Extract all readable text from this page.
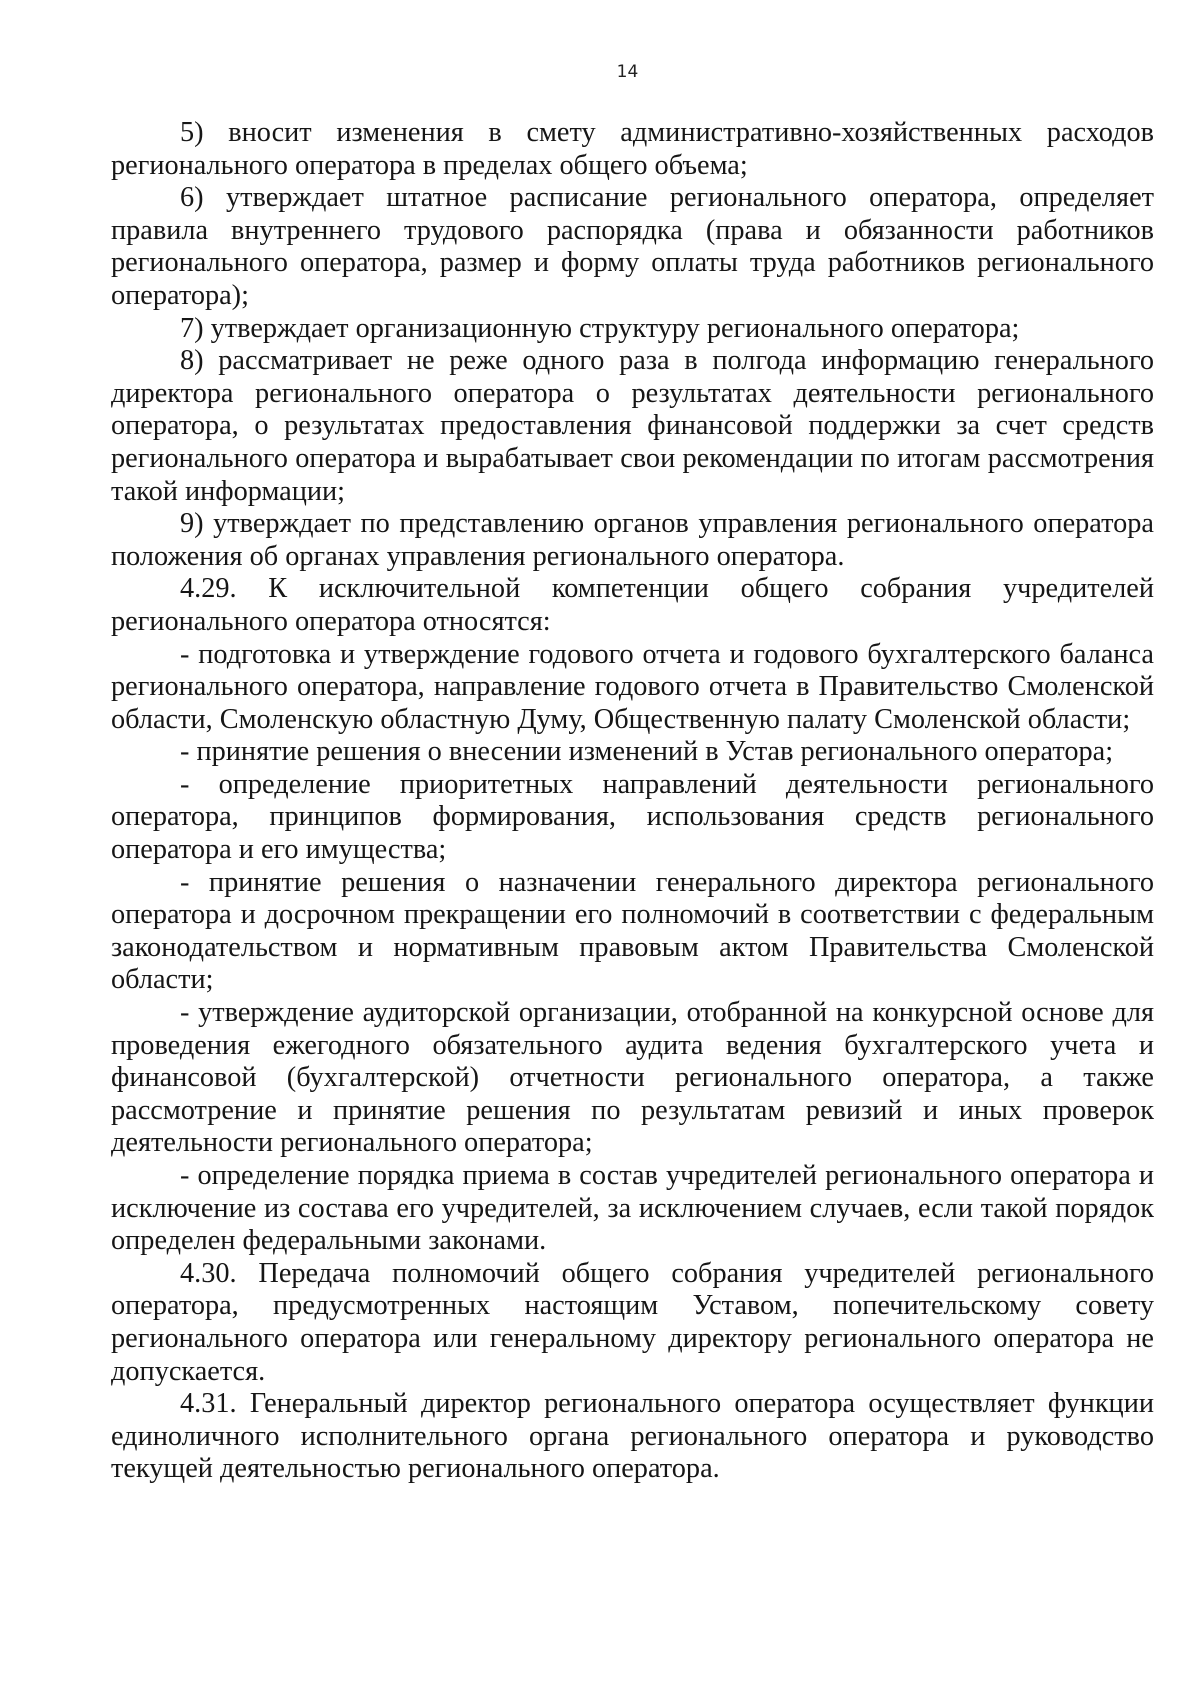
14

5) вносит изменения в смету административно-хозяйственных расходов регионального оператора в пределах общего объема;

6) утверждает штатное расписание регионального оператора, определяет правила внутреннего трудового распорядка (права и обязанности работников регионального оператора, размер и форму оплаты труда работников регионального оператора);

7) утверждает организационную структуру регионального оператора;

8) рассматривает не реже одного раза в полгода информацию генерального директора регионального оператора о результатах деятельности регионального оператора, о результатах предоставления финансовой поддержки за счет средств регионального оператора и вырабатывает свои рекомендации по итогам рассмотрения такой информации;

9) утверждает по представлению органов управления регионального оператора положения об органах управления регионального оператора.

4.29. К исключительной компетенции общего собрания учредителей регионального оператора относятся:

- подготовка и утверждение годового отчета и годового бухгалтерского баланса регионального оператора, направление годового отчета в Правительство Смоленской области, Смоленскую областную Думу, Общественную палату Смоленской области;

- принятие решения о внесении изменений в Устав регионального оператора;

- определение приоритетных направлений деятельности регионального оператора, принципов формирования, использования средств регионального оператора и его имущества;

- принятие решения о назначении генерального директора регионального оператора и досрочном прекращении его полномочий в соответствии с федеральным законодательством и нормативным правовым актом Правительства Смоленской области;

- утверждение аудиторской организации, отобранной на конкурсной основе для проведения ежегодного обязательного аудита ведения бухгалтерского учета и финансовой (бухгалтерской) отчетности регионального оператора, а также рассмотрение и принятие решения по результатам ревизий и иных проверок деятельности регионального оператора;

- определение порядка приема в состав учредителей регионального оператора и исключение из состава его учредителей, за исключением случаев, если такой порядок определен федеральными законами.

4.30. Передача полномочий общего собрания учредителей регионального оператора, предусмотренных настоящим Уставом, попечительскому совету регионального оператора или генеральному директору регионального оператора не допускается.

4.31. Генеральный директор регионального оператора осуществляет функции единоличного исполнительного органа регионального оператора и руководство текущей деятельностью регионального оператора.
